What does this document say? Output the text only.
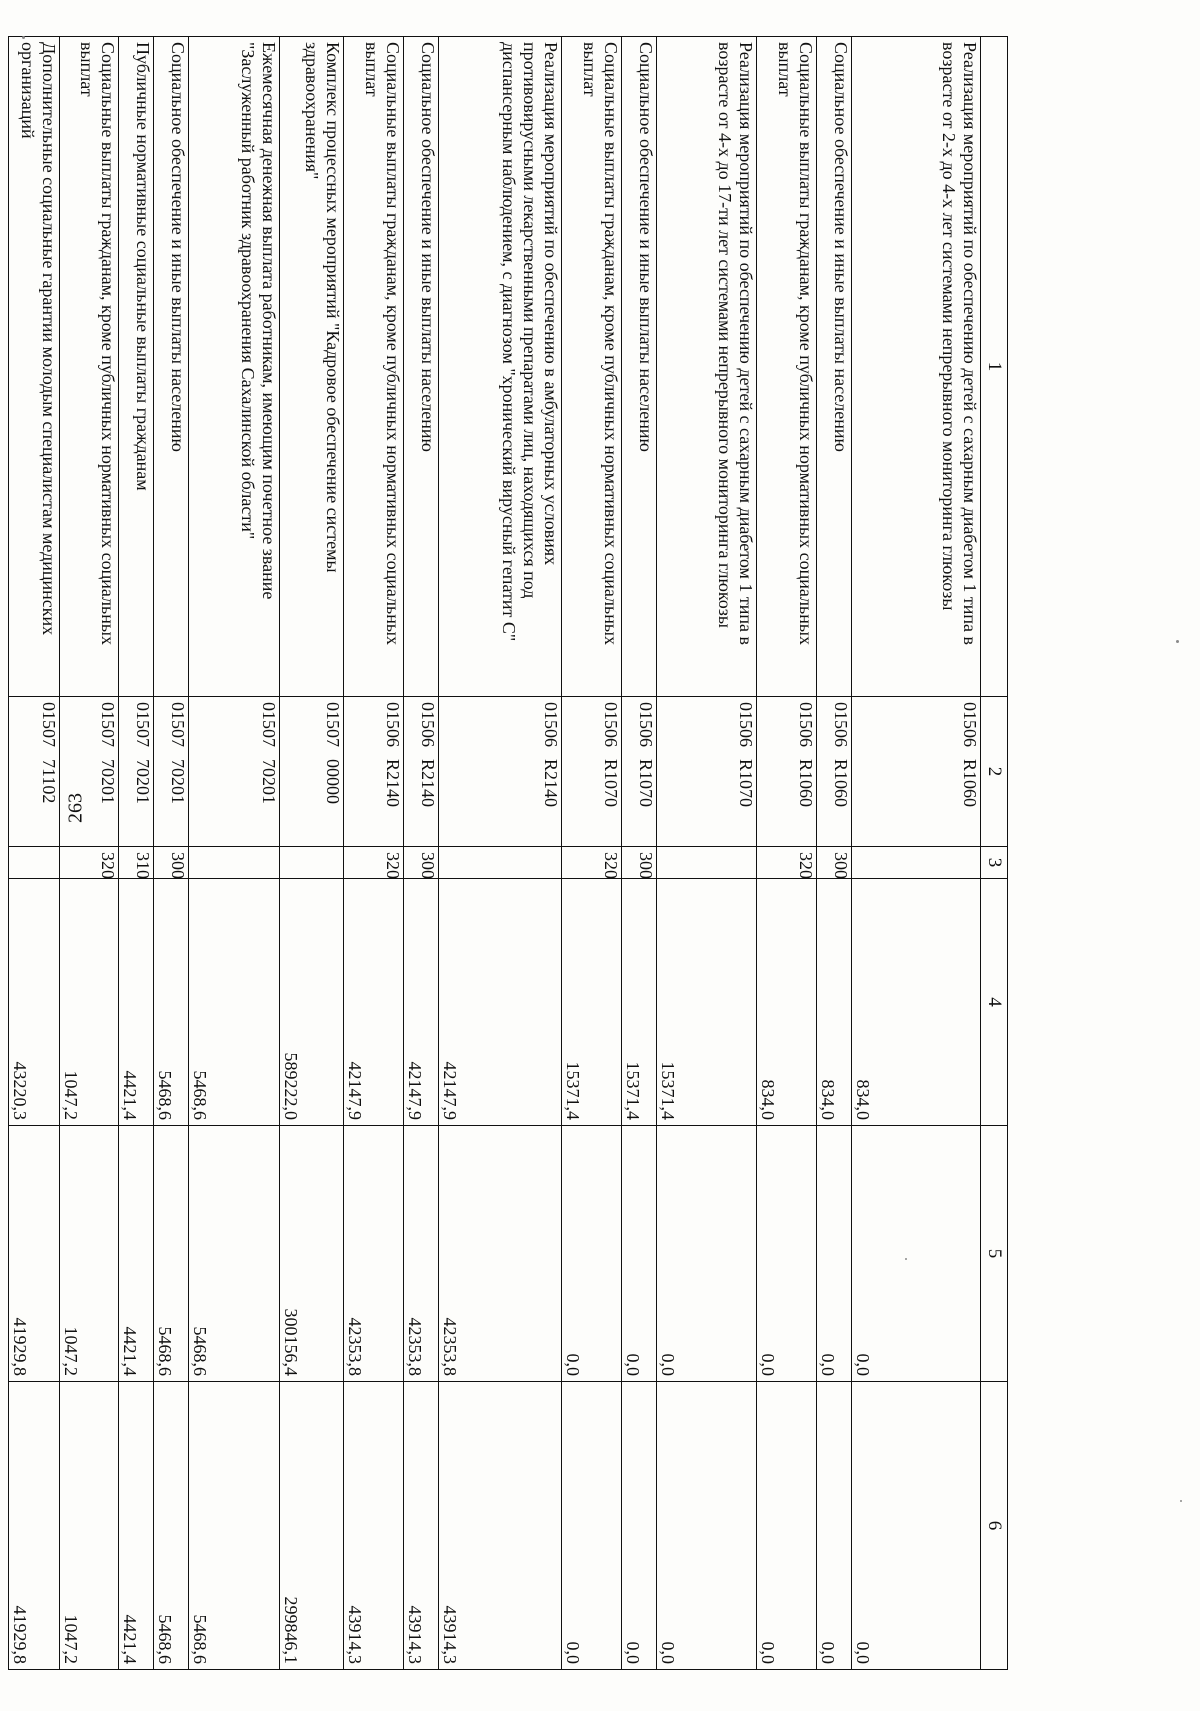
263
1	2	3	4	5	6
Реализация мероприятий по обеспечению детей с сахарным диабетом 1 типа в возрасте от 2-х до 4-х лет системами непрерывного мониторинга глюкозы	01506R1060		834,0	0,0	0,0
Социальное обеспечение и иные выплаты населению	01506R1060	300	834,0	0,0	0,0
Социальные выплаты гражданам, кроме публичных нормативных социальных выплат	01506R1060	320	834,0	0,0	0,0
Реализация мероприятий по обеспечению детей с сахарным диабетом 1 типа в возрасте от 4-х до 17-ти лет системами непрерывного мониторинга глюкозы	01506R1070		15371,4	0,0	0,0
Социальное обеспечение и иные выплаты населению	01506R1070	300	15371,4	0,0	0,0
Социальные выплаты гражданам, кроме публичных нормативных социальных выплат	01506R1070	320	15371,4	0,0	0,0
Реализация мероприятий по обеспечению в амбулаторных условиях противовирусными лекарственными препаратами лиц, находящихся под диспансерным наблюдением, с диагнозом "хронический вирусный гепатит С"	01506R2140		42147,9	42353,8	43914,3
Социальное обеспечение и иные выплаты населению	01506R2140	300	42147,9	42353,8	43914,3
Социальные выплаты гражданам, кроме публичных нормативных социальных выплат	01506R2140	320	42147,9	42353,8	43914,3
Комплекс процессных мероприятий "Кадровое обеспечение системы здравоохранения"	0150700000		589222,0	300156,4	299846,1
Ежемесячная денежная выплата работникам, имеющим почетное звание "Заслуженный работник здравоохранения Сахалинской области"	0150770201		5468,6	5468,6	5468,6
Социальное обеспечение и иные выплаты населению	0150770201	300	5468,6	5468,6	5468,6
Публичные нормативные социальные выплаты гражданам	0150770201	310	4421,4	4421,4	4421,4
Социальные выплаты гражданам, кроме публичных нормативных социальных выплат	0150770201	320	1047,2	1047,2	1047,2
Дополнительные социальные гарантии молодым специалистам медицинских организаций	0150771102		43220,3	41929,8	41929,8
